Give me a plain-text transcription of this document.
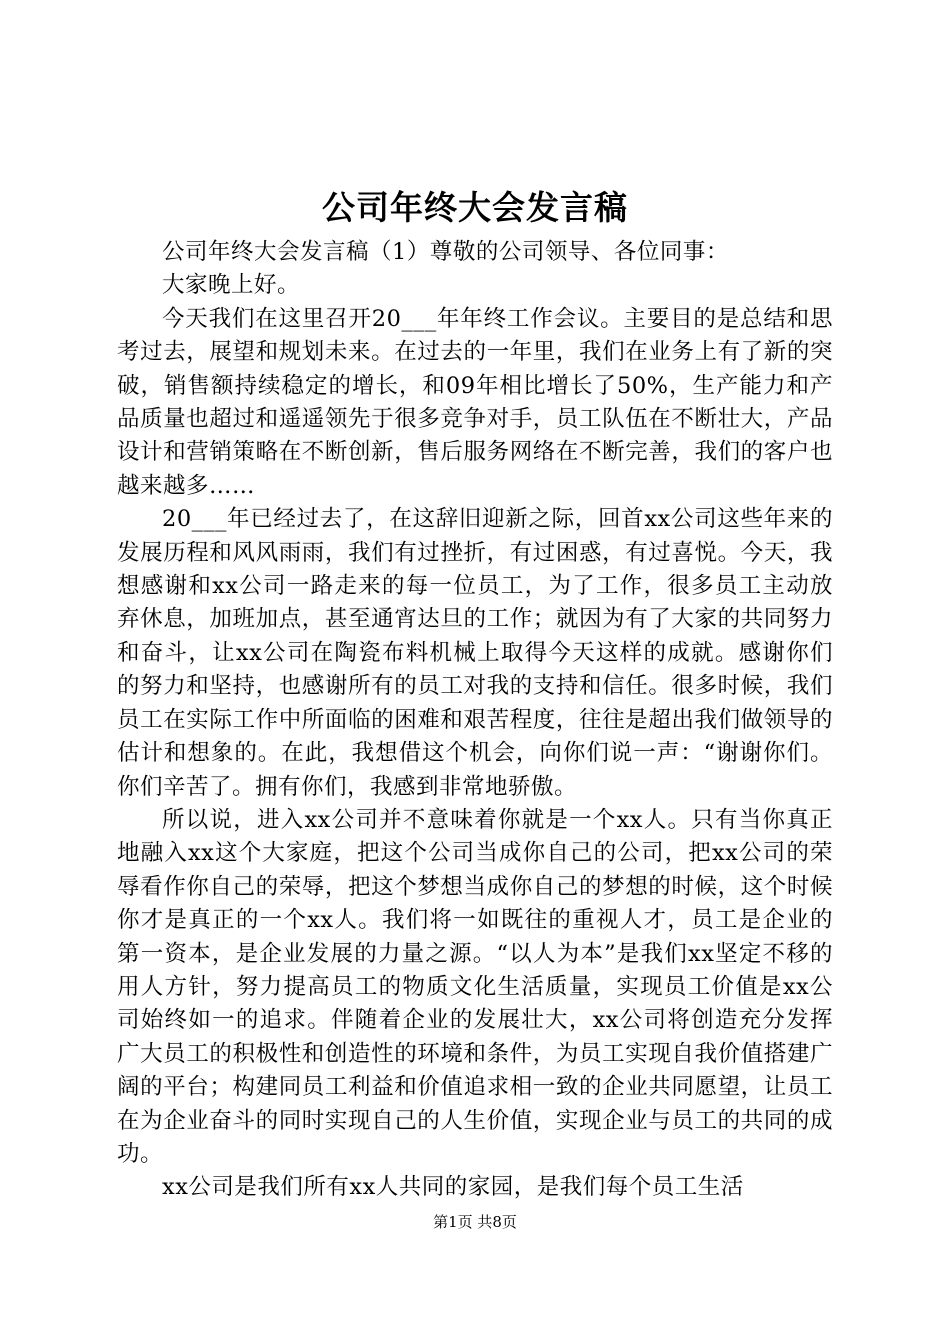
公司年终大会发言稿

公司年终大会发言稿（1）尊敬的公司领导、各位同事：

大家晚上好。

今天我们在这里召开20___年年终工作会议。主要目的是总结和思考过去，展望和规划未来。在过去的一年里，我们在业务上有了新的突破，销售额持续稳定的增长，和09年相比增长了50%，生产能力和产品质量也超过和遥遥领先于很多竞争对手，员工队伍在不断壮大，产品设计和营销策略在不断创新，售后服务网络在不断完善，我们的客户也越来越多……

20___年已经过去了，在这辞旧迎新之际，回首xx公司这些年来的发展历程和风风雨雨，我们有过挫折，有过困惑，有过喜悦。今天，我想感谢和xx公司一路走来的每一位员工，为了工作，很多员工主动放弃休息，加班加点，甚至通宵达旦的工作；就因为有了大家的共同努力和奋斗，让xx公司在陶瓷布料机械上取得今天这样的成就。感谢你们的努力和坚持，也感谢所有的员工对我的支持和信任。很多时候，我们员工在实际工作中所面临的困难和艰苦程度，往往是超出我们做领导的估计和想象的。在此，我想借这个机会，向你们说一声：“谢谢你们。你们辛苦了。拥有你们，我感到非常地骄傲。

所以说，进入xx公司并不意味着你就是一个xx人。只有当你真正地融入xx这个大家庭，把这个公司当成你自己的公司，把xx公司的荣辱看作你自己的荣辱，把这个梦想当成你自己的梦想的时候，这个时候你才是真正的一个xx人。我们将一如既往的重视人才，员工是企业的第一资本，是企业发展的力量之源。“以人为本”是我们xx坚定不移的用人方针，努力提高员工的物质文化生活质量，实现员工价值是xx公司始终如一的追求。伴随着企业的发展壮大，xx公司将创造充分发挥广大员工的积极性和创造性的环境和条件，为员工实现自我价值搭建广阔的平台；构建同员工利益和价值追求相一致的企业共同愿望，让员工在为企业奋斗的同时实现自己的人生价值，实现企业与员工的共同的成功。

xx公司是我们所有xx人共同的家园，是我们每个员工生活

第1页 共8页
